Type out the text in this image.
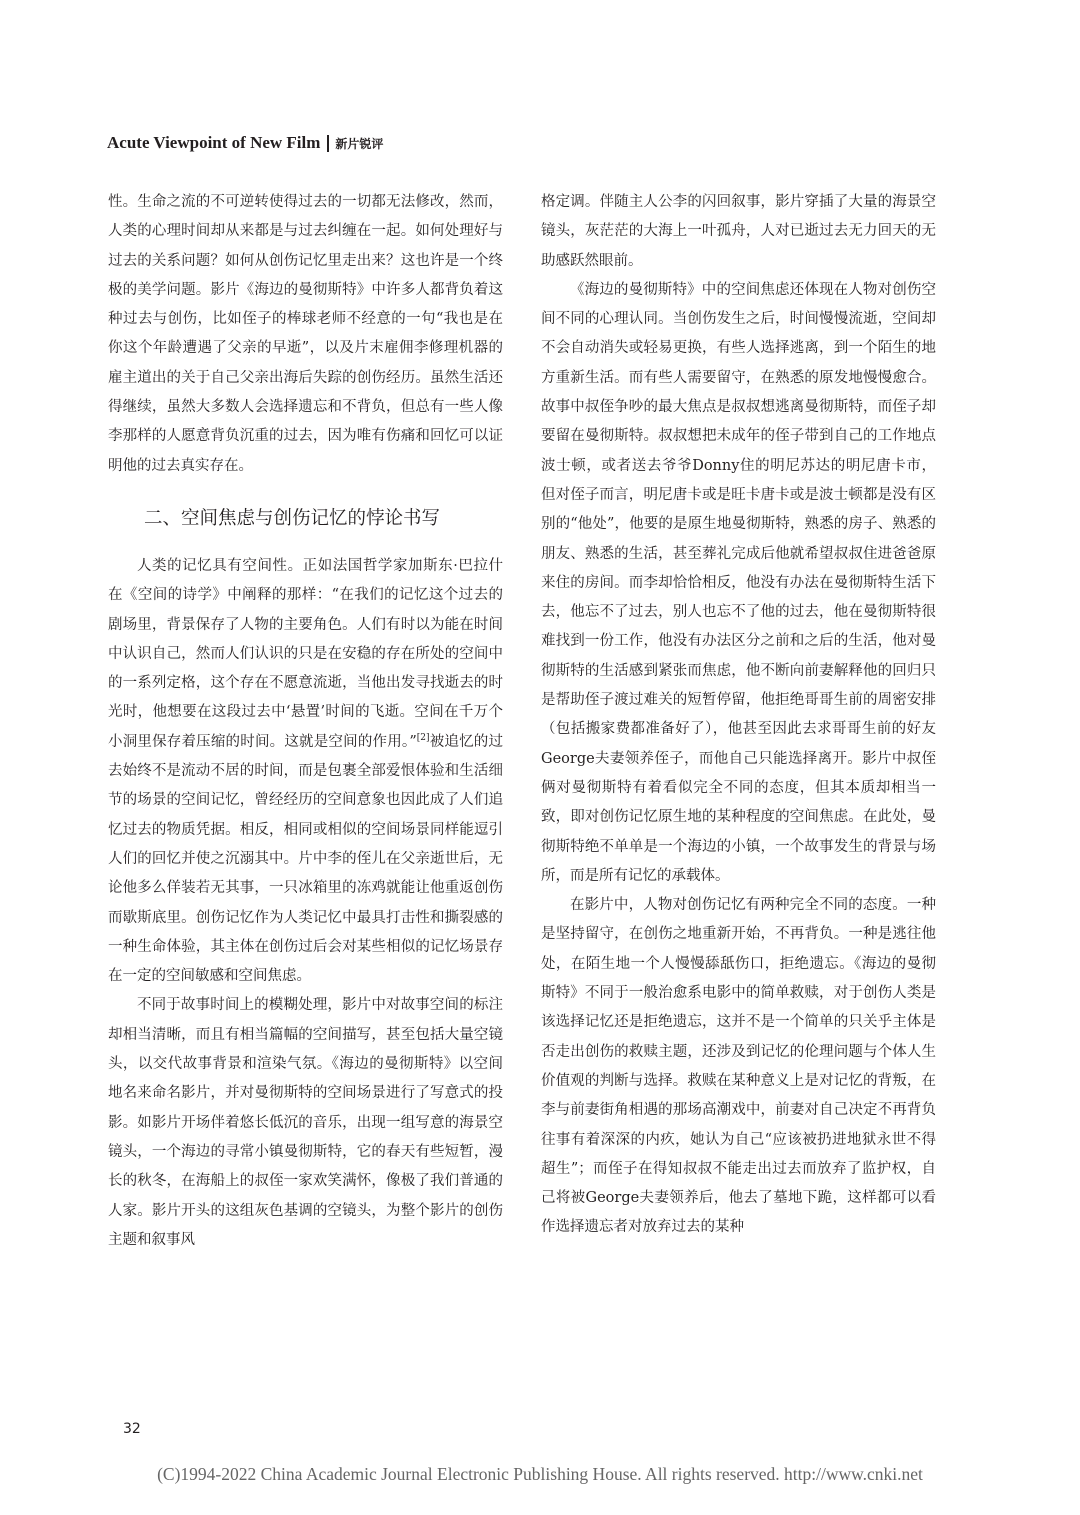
Acute Viewpoint of New Film 新片锐评

性。生命之流的不可逆转使得过去的一切都无法修改，然而，人类的心理时间却从来都是与过去纠缠在一起。如何处理好与过去的关系问题？如何从创伤记忆里走出来？这也许是一个终极的美学问题。影片《海边的曼彻斯特》中许多人都背负着这种过去与创伤，比如侄子的棒球老师不经意的一句“我也是在你这个年龄遭遇了父亲的早逝”，以及片末雇佣李修理机器的雇主道出的关于自己父亲出海后失踪的创伤经历。虽然生活还得继续，虽然大多数人会选择遗忘和不背负，但总有一些人像李那样的人愿意背负沉重的过去，因为唯有伤痛和回忆可以证明他的过去真实存在。

二、空间焦虑与创伤记忆的悖论书写

人类的记忆具有空间性。正如法国哲学家加斯东·巴拉什在《空间的诗学》中阐释的那样：“在我们的记忆这个过去的剧场里，背景保存了人物的主要角色。人们有时以为能在时间中认识自己，然而人们认识的只是在安稳的存在所处的空间中的一系列定格，这个存在不愿意流逝，当他出发寻找逝去的时光时，他想要在这段过去中‘悬置’时间的飞逝。空间在千万个小洞里保存着压缩的时间。这就是空间的作用。”[2]被追忆的过去始终不是流动不居的时间，而是包裹全部爱恨体验和生活细节的场景的空间记忆，曾经经历的空间意象也因此成了人们追忆过去的物质凭据。相反，相同或相似的空间场景同样能逗引人们的回忆并使之沉溺其中。片中李的侄儿在父亲逝世后，无论他多么佯装若无其事，一只冰箱里的冻鸡就能让他重返创伤而歇斯底里。创伤记忆作为人类记忆中最具打击性和撕裂感的一种生命体验，其主体在创伤过后会对某些相似的记忆场景存在一定的空间敏感和空间焦虑。

不同于故事时间上的模糊处理，影片中对故事空间的标注却相当清晰，而且有相当篇幅的空间描写，甚至包括大量空镜头，以交代故事背景和渲染气氛。《海边的曼彻斯特》以空间地名来命名影片，并对曼彻斯特的空间场景进行了写意式的投影。如影片开场伴着悠长低沉的音乐，出现一组写意的海景空镜头，一个海边的寻常小镇曼彻斯特，它的春天有些短暂，漫长的秋冬，在海船上的叔侄一家欢笑满怀，像极了我们普通的人家。影片开头的这组灰色基调的空镜头，为整个影片的创伤主题和叙事风

格定调。伴随主人公李的闪回叙事，影片穿插了大量的海景空镜头，灰茫茫的大海上一叶孤舟，人对已逝过去无力回天的无助感跃然眼前。

《海边的曼彻斯特》中的空间焦虑还体现在人物对创伤空间不同的心理认同。当创伤发生之后，时间慢慢流逝，空间却不会自动消失或轻易更换，有些人选择逃离，到一个陌生的地方重新生活。而有些人需要留守，在熟悉的原发地慢慢愈合。故事中叔侄争吵的最大焦点是叔叔想逃离曼彻斯特，而侄子却要留在曼彻斯特。叔叔想把未成年的侄子带到自己的工作地点波士顿，或者送去爷爷Donny住的明尼苏达的明尼唐卡市，但对侄子而言，明尼唐卡或是旺卡唐卡或是波士顿都是没有区别的“他处”，他要的是原生地曼彻斯特，熟悉的房子、熟悉的朋友、熟悉的生活，甚至葬礼完成后他就希望叔叔住进爸爸原来住的房间。而李却恰恰相反，他没有办法在曼彻斯特生活下去，他忘不了过去，别人也忘不了他的过去，他在曼彻斯特很难找到一份工作，他没有办法区分之前和之后的生活，他对曼彻斯特的生活感到紧张而焦虑，他不断向前妻解释他的回归只是帮助侄子渡过难关的短暂停留，他拒绝哥哥生前的周密安排（包括搬家费都准备好了），他甚至因此去求哥哥生前的好友George夫妻领养侄子，而他自己只能选择离开。影片中叔侄俩对曼彻斯特有着看似完全不同的态度，但其本质却相当一致，即对创伤记忆原生地的某种程度的空间焦虑。在此处，曼彻斯特绝不单单是一个海边的小镇，一个故事发生的背景与场所，而是所有记忆的承载体。

在影片中，人物对创伤记忆有两种完全不同的态度。一种是坚持留守，在创伤之地重新开始，不再背负。一种是逃往他处，在陌生地一个人慢慢舔舐伤口，拒绝遗忘。《海边的曼彻斯特》不同于一般治愈系电影中的简单救赎，对于创伤人类是该选择记忆还是拒绝遗忘，这并不是一个简单的只关乎主体是否走出创伤的救赎主题，还涉及到记忆的伦理问题与个体人生价值观的判断与选择。救赎在某种意义上是对记忆的背叛，在李与前妻街角相遇的那场高潮戏中，前妻对自己决定不再背负往事有着深深的内疚，她认为自己“应该被扔进地狱永世不得超生”；而侄子在得知叔叔不能走出过去而放弃了监护权，自己将被George夫妻领养后，他去了墓地下跪，这样都可以看作选择遗忘者对放弃过去的某种

32
(C)1994-2022 China Academic Journal Electronic Publishing House. All rights reserved. http://www.cnki.net
